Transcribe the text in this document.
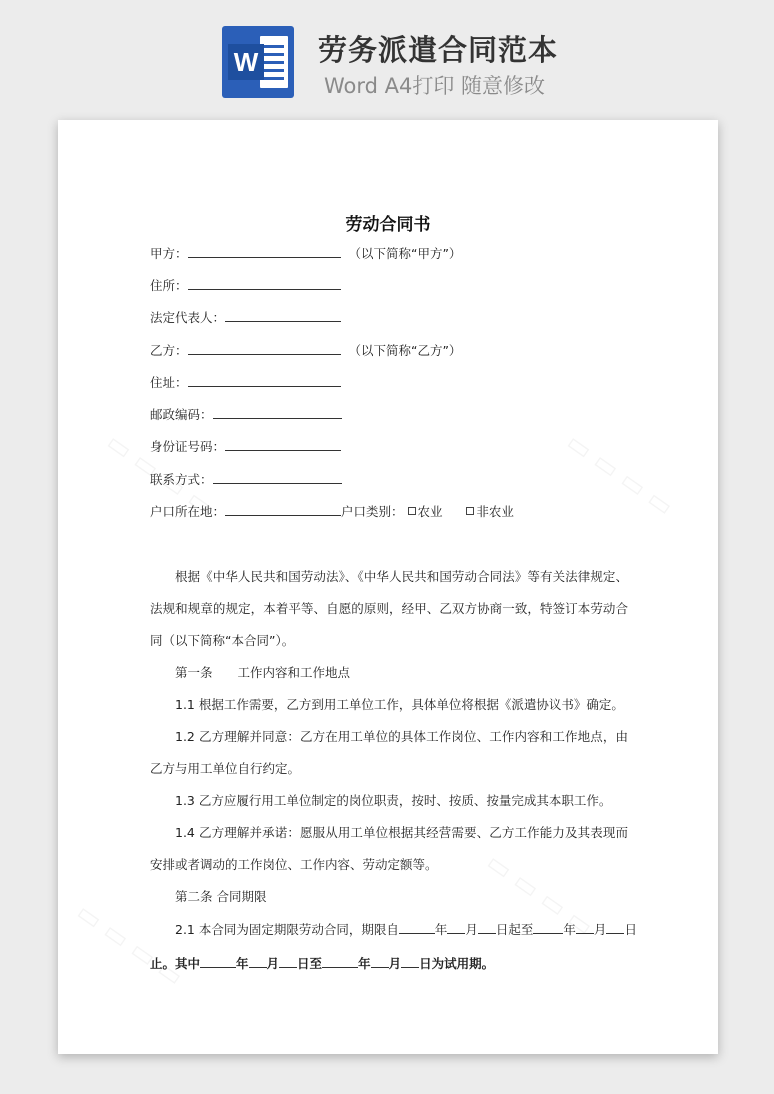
W 劳务派遣合同范本
Word A4打印 随意修改
劳动合同书
甲方：	（以下简称“甲方”）
住所：
法定代表人：
乙方：	（以下简称“乙方”）
住址：
邮政编码：
身份证号码：
联系方式：
户口所在地：	户口类别： 农业	非农业
根据《中华人民共和国劳动法》、《中华人民共和国劳动合同法》等有关法律规定、法规和规章的规定，本着平等、自愿的原则，经甲、乙双方协商一致，特签订本劳动合同（以下简称“本合同”）。
第一条　　工作内容和工作地点
1.1 根据工作需要，乙方到用工单位工作，具体单位将根据《派遣协议书》确定。
1.2 乙方理解并同意：乙方在用工单位的具体工作岗位、工作内容和工作地点，由乙方与用工单位自行约定。
1.3 乙方应履行用工单位制定的岗位职责，按时、按质、按量完成其本职工作。
1.4 乙方理解并承诺：愿服从用工单位根据其经营需要、乙方工作能力及其表现而安排或者调动的工作岗位、工作内容、劳动定额等。
第二条 合同期限
2.1 本合同为固定期限劳动合同，期限自	年 月 日起至 年 月 日
止。其中	年 月 日至	年 月 日为试用期。
